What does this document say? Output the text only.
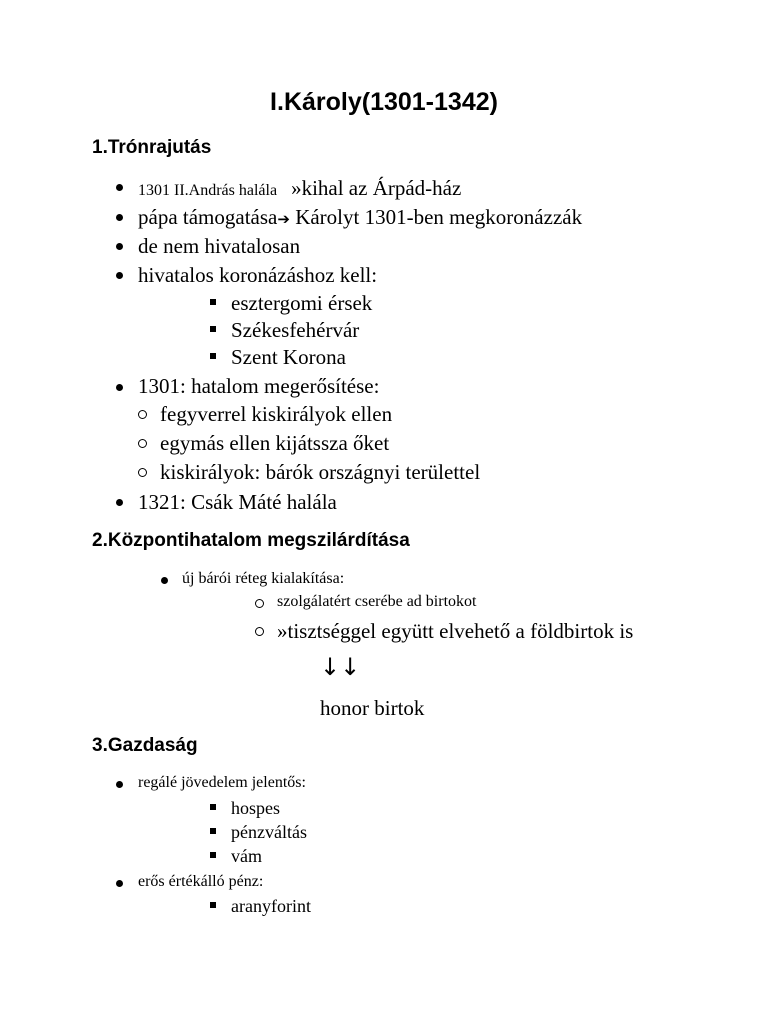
I.Károly(1301-1342)
1.Trónrajutás
1301 II.András halála »kihal az Árpád-ház
pápa támogatása➔ Károlyt 1301-ben megkoronázzák
de nem hivatalosan
hivatalos koronázáshoz kell:
esztergomi érsek
Székesfehérvár
Szent Korona
1301: hatalom megerősítése:
fegyverrel kiskirályok ellen
egymás ellen kijátssza őket
kiskirályok: bárók országnyi területtel
1321: Csák Máté halála
2.Központihatalom megszilárdítása
új bárói réteg kialakítása:
szolgálatért cserébe ad birtokot
»tisztséggel együtt elvehető a földbirtok is
↓↓
honor birtok
3.Gazdaság
regálé jövedelem jelentős:
hospes
pénzváltás
vám
erős értékálló pénz:
aranyforint
